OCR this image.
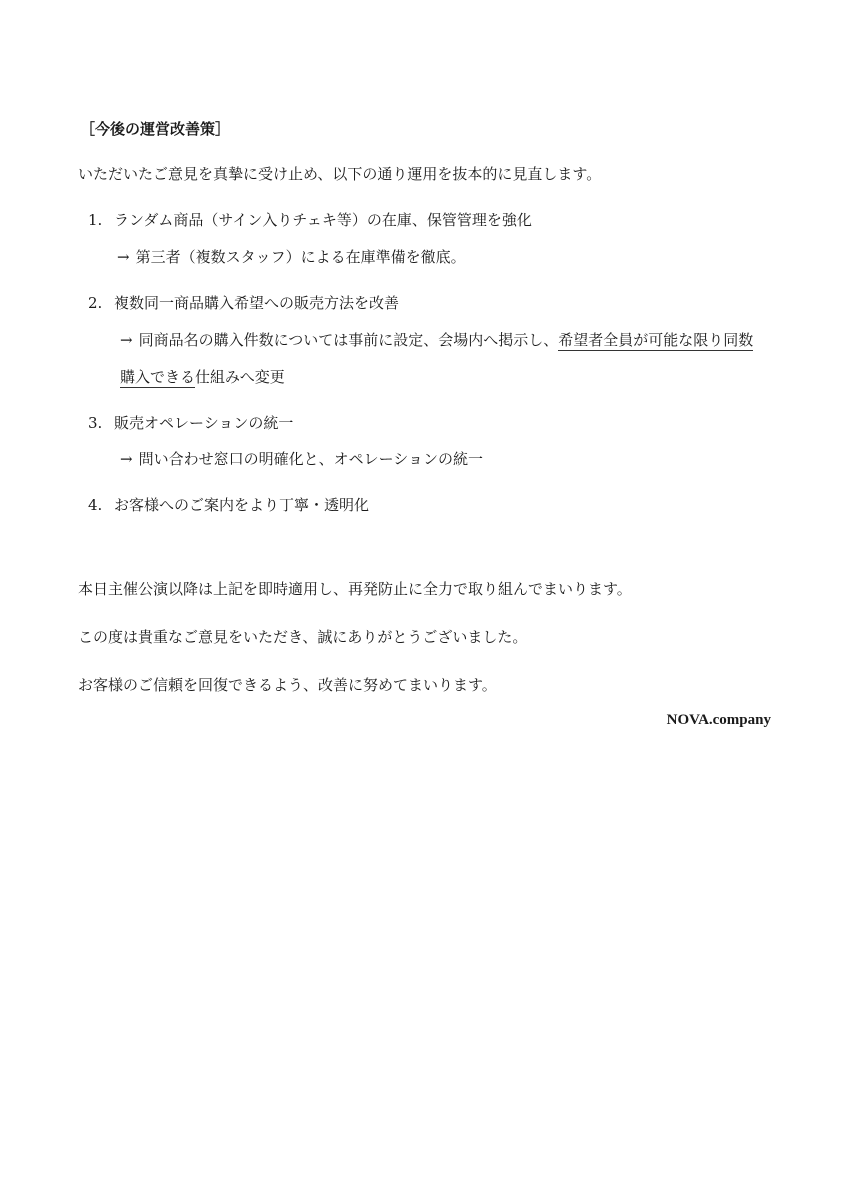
［今後の運営改善策］
いただいたご意見を真摯に受け止め、以下の通り運用を抜本的に見直します。
1. ランダム商品（サイン入りチェキ等）の在庫、保管管理を強化
→ 第三者（複数スタッフ）による在庫準備を徹底。
2. 複数同一商品購入希望への販売方法を改善
→ 同商品名の購入件数については事前に設定、会場内へ掲示し、希望者全員が可能な限り同数
購入できる仕組みへ変更
3. 販売オペレーションの統一
→ 問い合わせ窓口の明確化と、オペレーションの統一
4. お客様へのご案内をより丁寧・透明化
本日主催公演以降は上記を即時適用し、再発防止に全力で取り組んでまいります。
この度は貴重なご意見をいただき、誠にありがとうございました。
お客様のご信頼を回復できるよう、改善に努めてまいります。
NOVA.company
